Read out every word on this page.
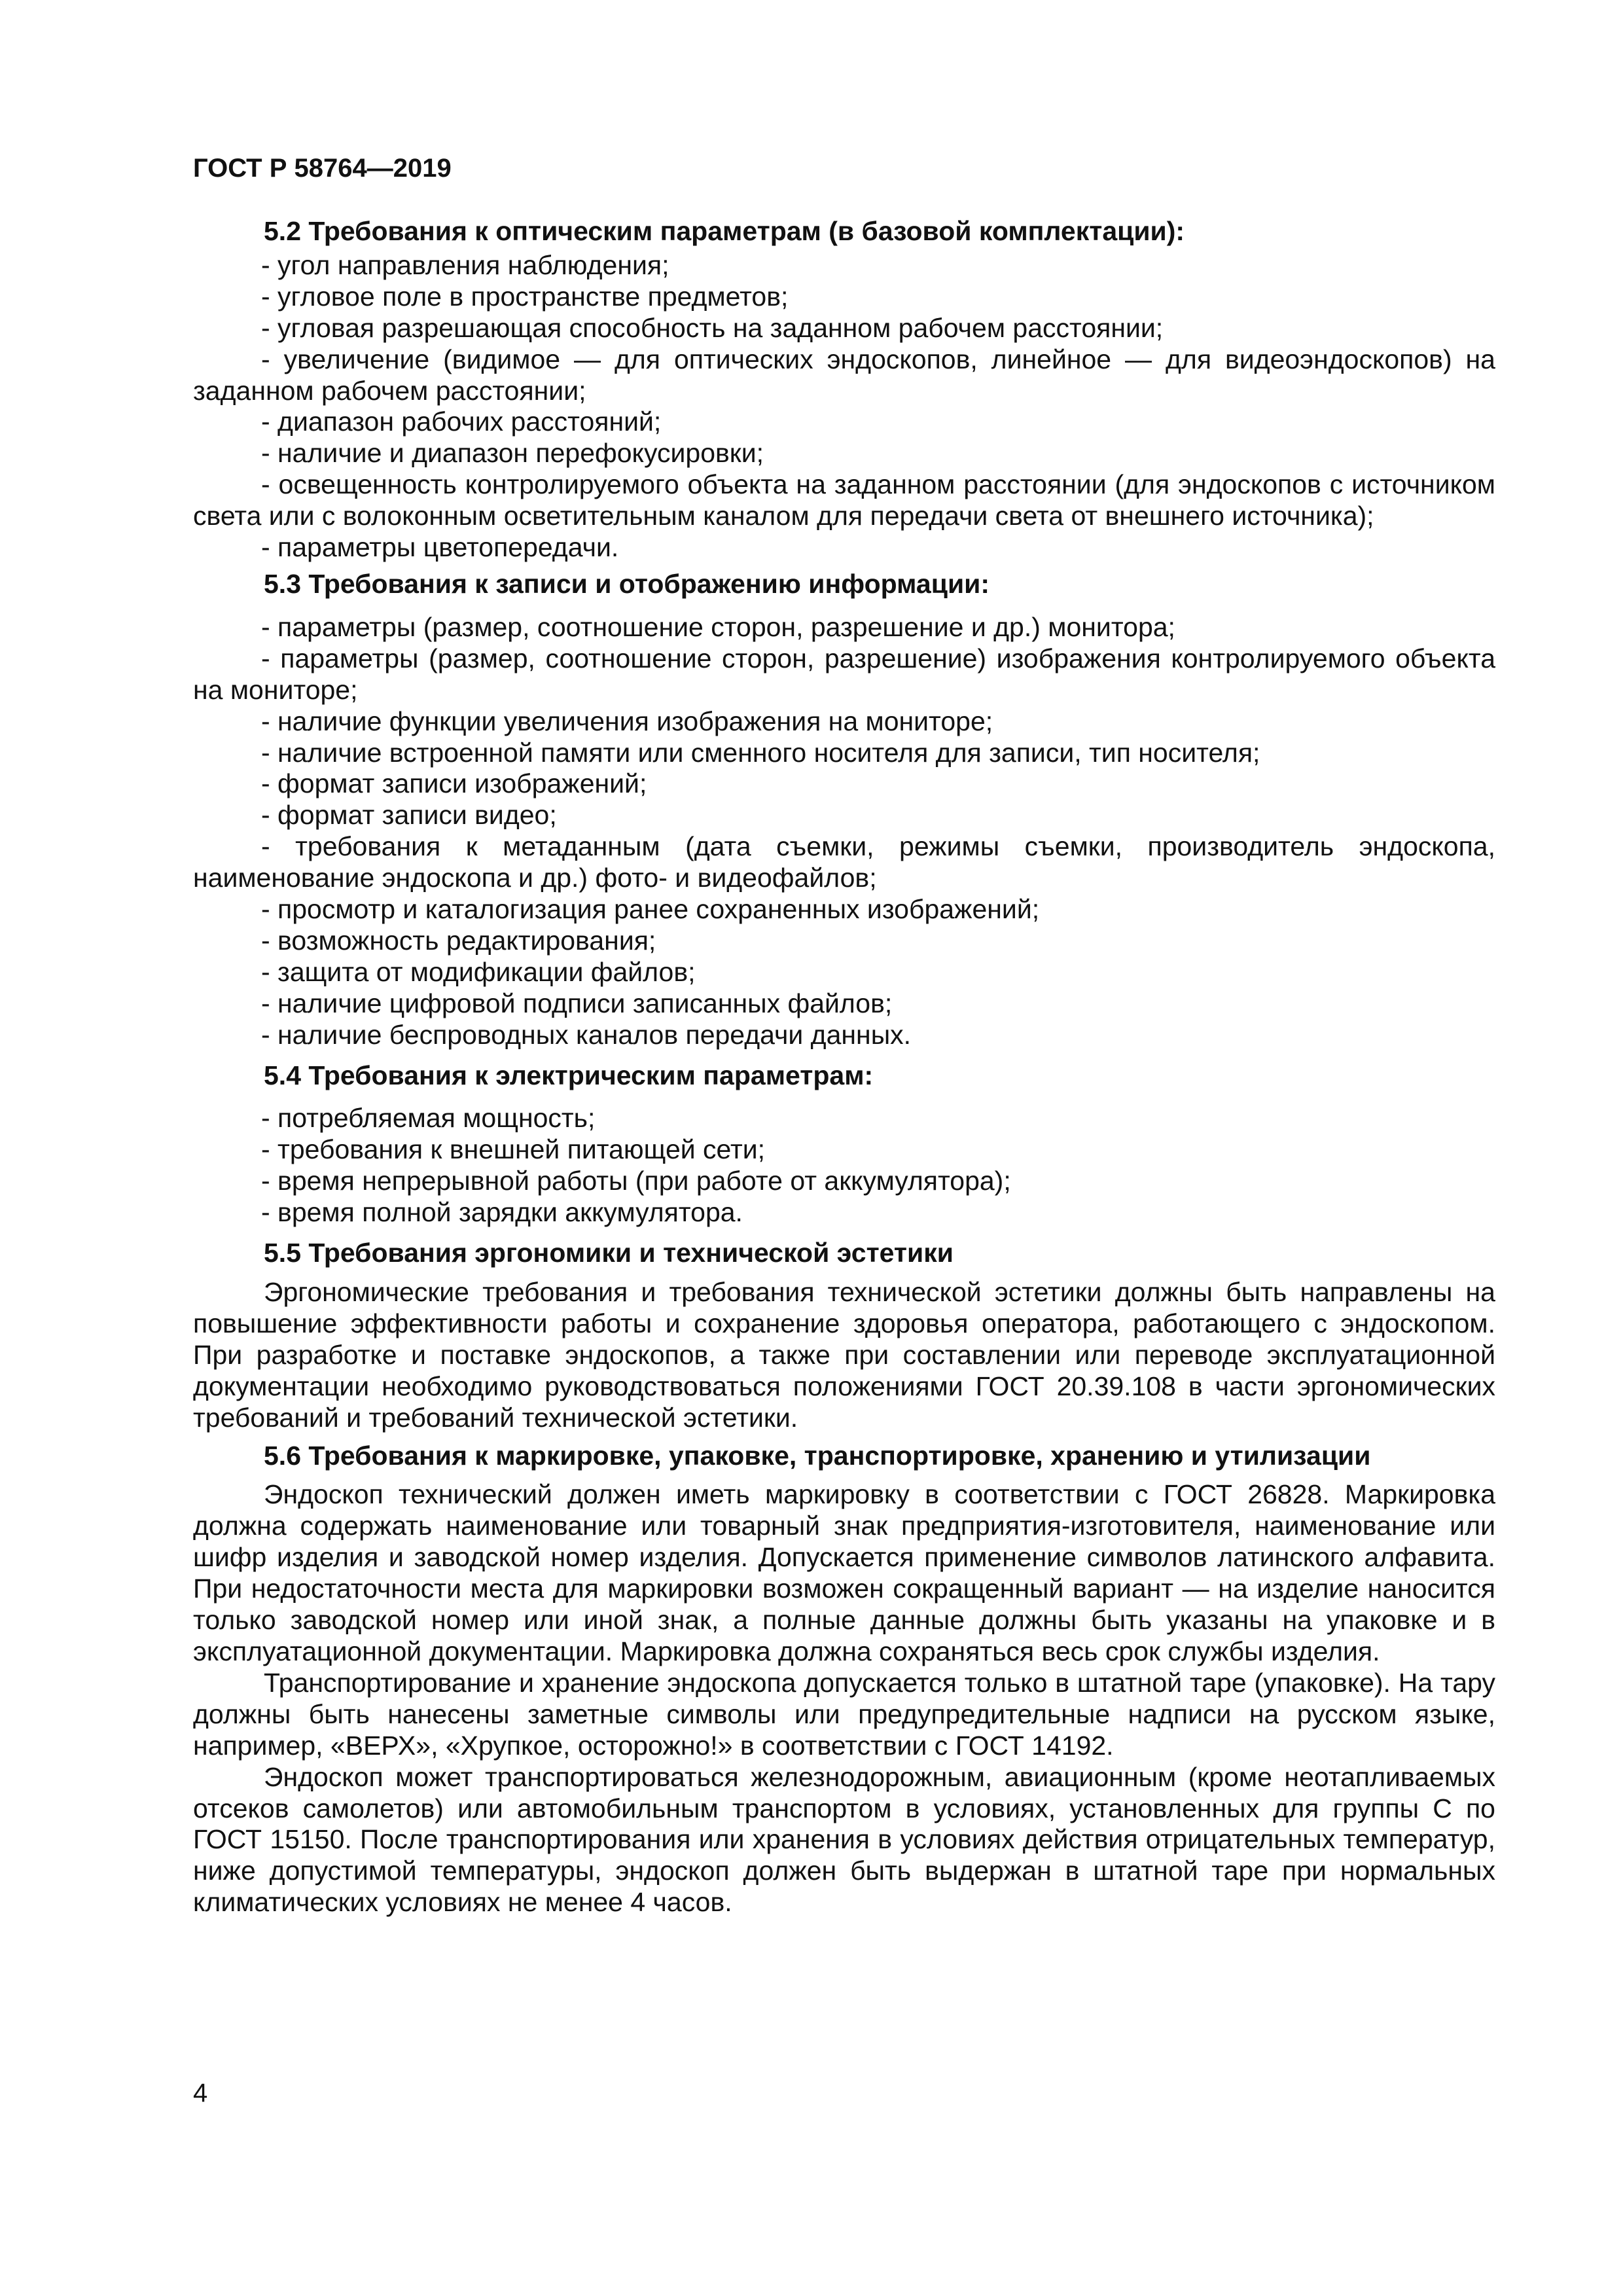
ГОСТ Р 58764—2019
5.2 Требования к оптическим параметрам (в базовой комплектации):
- угол направления наблюдения;
- угловое поле в пространстве предметов;
- угловая разрешающая способность на заданном рабочем расстоянии;
- увеличение (видимое — для оптических эндоскопов, линейное — для видеоэндоскопов) на заданном рабочем расстоянии;
- диапазон рабочих расстояний;
- наличие и диапазон перефокусировки;
- освещенность контролируемого объекта на заданном расстоянии (для эндоскопов с источником света или с волоконным осветительным каналом для передачи света от внешнего источника);
- параметры цветопередачи.
5.3 Требования к записи и отображению информации:
- параметры (размер, соотношение сторон, разрешение и др.) монитора;
- параметры (размер, соотношение сторон, разрешение) изображения контролируемого объекта на мониторе;
- наличие функции увеличения изображения на мониторе;
- наличие встроенной памяти или сменного носителя для записи, тип носителя;
- формат записи изображений;
- формат записи видео;
- требования к метаданным (дата съемки, режимы съемки, производитель эндоскопа, наименование эндоскопа и др.) фото- и видеофайлов;
- просмотр и каталогизация ранее сохраненных изображений;
- возможность редактирования;
- защита от модификации файлов;
- наличие цифровой подписи записанных файлов;
- наличие беспроводных каналов передачи данных.
5.4 Требования к электрическим параметрам:
- потребляемая мощность;
- требования к внешней питающей сети;
- время непрерывной работы (при работе от аккумулятора);
- время полной зарядки аккумулятора.
5.5 Требования эргономики и технической эстетики
Эргономические требования и требования технической эстетики должны быть направлены на повышение эффективности работы и сохранение здоровья оператора, работающего с эндоскопом. При разработке и поставке эндоскопов, а также при составлении или переводе эксплуатационной документации необходимо руководствоваться положениями ГОСТ 20.39.108 в части эргономических требований и требований технической эстетики.
5.6 Требования к маркировке, упаковке, транспортировке, хранению и утилизации
Эндоскоп технический должен иметь маркировку в соответствии с ГОСТ 26828. Маркировка должна содержать наименование или товарный знак предприятия-изготовителя, наименование или шифр изделия и заводской номер изделия. Допускается применение символов латинского алфавита. При недостаточности места для маркировки возможен сокращенный вариант — на изделие наносится только заводской номер или иной знак, а полные данные должны быть указаны на упаковке и в эксплуатационной документации. Маркировка должна сохраняться весь срок службы изделия.
Транспортирование и хранение эндоскопа допускается только в штатной таре (упаковке). На тару должны быть нанесены заметные символы или предупредительные надписи на русском языке, например, «ВЕРХ», «Хрупкое, осторожно!» в соответствии с ГОСТ 14192.
Эндоскоп может транспортироваться железнодорожным, авиационным (кроме неотапливаемых отсеков самолетов) или автомобильным транспортом в условиях, установленных для группы С по ГОСТ 15150. После транспортирования или хранения в условиях действия отрицательных температур, ниже допустимой температуры, эндоскоп должен быть выдержан в штатной таре при нормальных климатических условиях не менее 4 часов.
4
